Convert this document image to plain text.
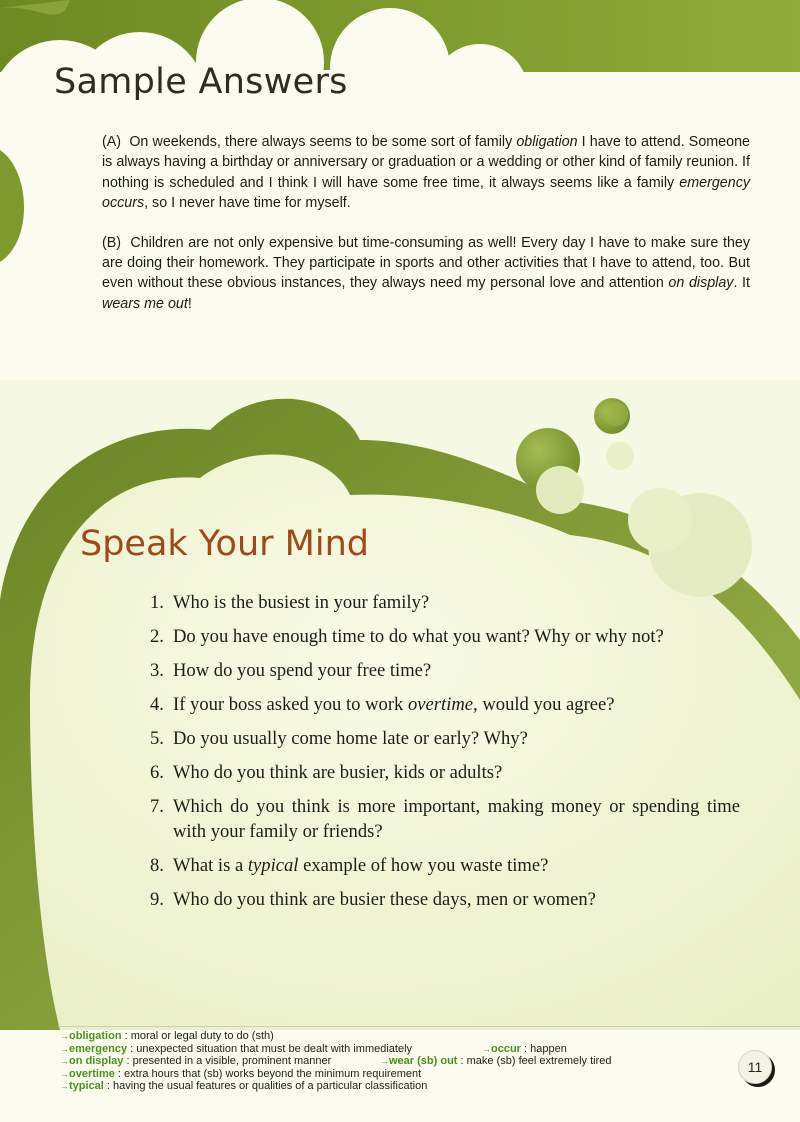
Sample Answers

(A) On weekends, there always seems to be some sort of family obligation I have to attend. Someone is always having a birthday or anniversary or graduation or a wedding or other kind of family reunion. If nothing is scheduled and I think I will have some free time, it always seems like a family emergency occurs, so I never have time for myself.

(B) Children are not only expensive but time-consuming as well! Every day I have to make sure they are doing their homework. They participate in sports and other activities that I have to attend, too. But even without these obvious instances, they always need my personal love and attention on display. It wears me out!

Speak Your Mind
1. Who is the busiest in your family?
2. Do you have enough time to do what you want? Why or why not?
3. How do you spend your free time?
4. If your boss asked you to work overtime, would you agree?
5. Do you usually come home late or early? Why?
6. Who do you think are busier, kids or adults?
7. Which do you think is more important, making money or spending time with your family or friends?
8. What is a typical example of how you waste time?
9. Who do you think are busier these days, men or women?
→obligation : moral or legal duty to do (sth)
→emergency : unexpected situation that must be dealt with immediately	→occur : happen
→on display : presented in a visible, prominent manner	→wear (sb) out : make (sb) feel extremely tired
→overtime : extra hours that (sb) works beyond the minimum requirement
→typical : having the usual features or qualities of a particular classification
11
